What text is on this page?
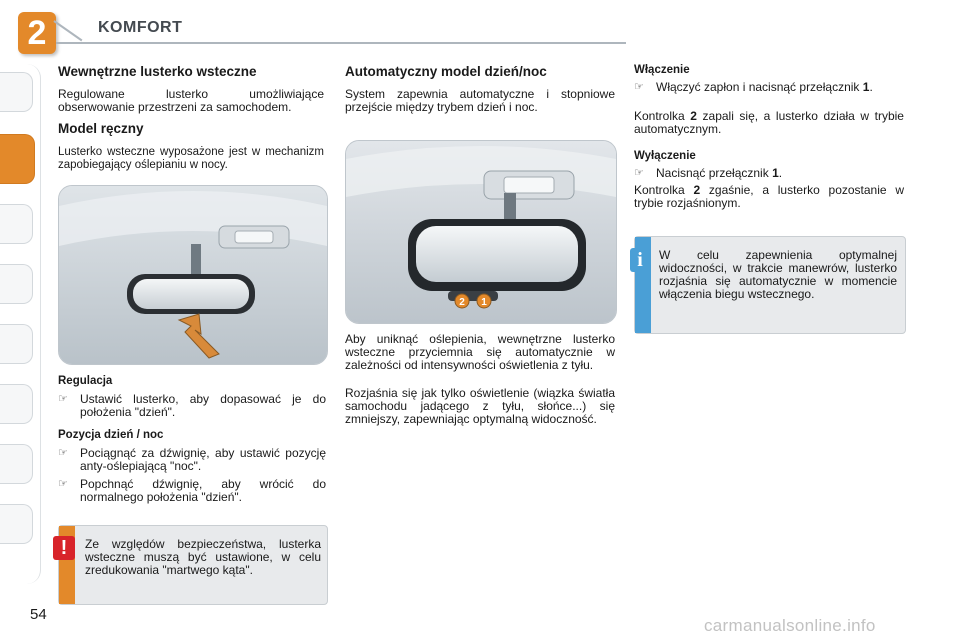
2	KOMFORT
Wewnętrzne lusterko wsteczne

Regulowane lusterko umożliwiające obserwowanie przestrzeni za samochodem.

Model ręczny

Lusterko wsteczne wyposażone jest w mechanizm zapobiegający oślepianiu w nocy.

Regulacja
☞	Ustawić lusterko, aby dopasować je do położenia "dzień".
Pozycja dzień / noc
☞	Pociągnąć za dźwignię, aby ustawić pozycję anty-oślepiającą "noc".
☞	Popchnąć dźwignię, aby wrócić do normalnego położenia "dzień".
Ze względów bezpieczeństwa, lusterka wsteczne muszą być ustawione, w celu zredukowania "martwego kąta".
!
Automatyczny model dzień/noc

System zapewnia automatyczne i stopniowe przejście między trybem dzień i noc.

2 1

Aby uniknąć oślepienia, wewnętrzne lusterko wsteczne przyciemnia się automatycznie w zależności od intensywności oświetlenia z tyłu.

Rozjaśnia się jak tylko oświetlenie (wiązka światła samochodu jadącego z tyłu, słońce...) się zmniejszy, zapewniając optymalną widoczność.

Włączenie
☞	Włączyć zapłon i nacisnąć przełącznik 1.

Kontrolka 2 zapali się, a lusterko działa w trybie automatycznym.

Wyłączenie
☞	Nacisnąć przełącznik 1.

Kontrolka 2 zgaśnie, a lusterko pozostanie w trybie rozjaśnionym.

W celu zapewnienia optymalnej widoczności, w trakcie manewrów, lusterko rozjaśnia się automatycznie w momencie włączenia biegu wstecznego.
i
54
carmanualsonline.info
